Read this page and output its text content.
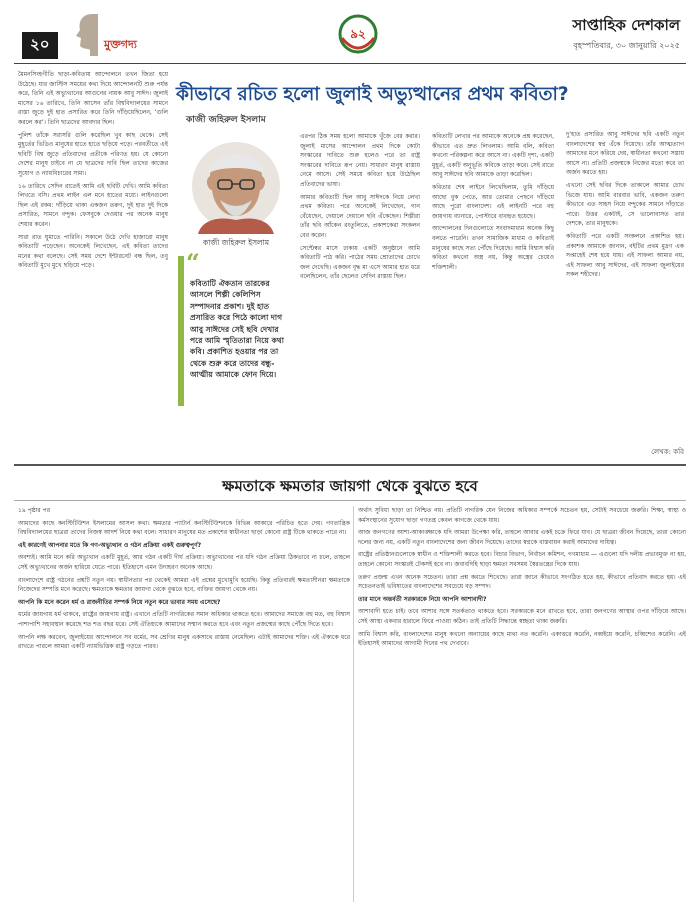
২০	মুক্তগদ্য
৯২	সাপ্তাহিক দেশকাল
বৃহস্পতিবার, ৩০ জানুয়ারি ২০২৫

মৈমনসিংহগীতি ছাড়া-কবিতায় আন্দোলনে তখন জিতা হয়ে উঠেছে। যার জাস্টিস সময়ের কথা দিয়ে আন্দোলনটি শুরু পর্যন্ত করে, তিনি এই অভ্যুত্থানের আগুনের নায়ক আবু সাঈদ। জুলাই মাসের ১৬ তারিখে, তিনি আসেন তাঁর বিশ্ববিদ্যালয়ের সামনে রাস্তা জুড়ে দুই হাত প্রসারিত করে তিনি দাঁড়িয়েছিলেন, ‘গুলি করলে কর’। তিনি ছাত্রদের আবদার ছিল।

পুলিশ তাঁকে সরাসরি গুলি করেছিল খুব কাছ থেকে। সেই মুহূর্তের ভিডিও মানুষের হাতে হাতে ছড়িয়ে পড়ে। পরবর্তীতে এই ছবিটি বিশ্ব জুড়ে প্রতিবাদের প্রতীকে পরিণত হয়। যে কোনো দেশের মানুষ চাইবে না যে ছাত্রদের দাবি ছিল তাদের কাজের সুযোগ ও ন্যায়বিচারের সাম্য।

১৬ তারিখে সেদিন রাতেই আমি এই ছবিটি দেখি। আমি কবিতা লিখতে বসি। প্রথম লাইন এল মনে হাতের মধ্যে। লাইনগুলো ছিল এই রকম: দাঁড়িয়ে থাকা একজন তরুণ, দুই হাত দুই দিকে প্রসারিত, সামনে বন্দুক। ফেসবুকে দেওয়ার পর অনেক মানুষ শেয়ার করেন।

সারা রাত ঘুমাতে পারিনি। সকালে উঠে দেখি হাজারো মানুষ কবিতাটি পড়েছেন। অনেকেই লিখেছেন, এই কবিতা তাদের মনের কথা বলেছে। সেই সময় দেশে ইন্টারনেট বন্ধ ছিল, তবু কবিতাটি মুখে মুখে ছড়িয়ে পড়ে।

কীভাবে রচিত হলো জুলাই অভ্যুত্থানের প্রথম কবিতা?
কাজী জহিরুল ইসলাম
কাজী জহিরুল ইসলাম
“
কবিতাটি ঐকতান তারকের আসলে শিল্পী কেলিপিস সম্পাদনার প্রকাশ। দুই হাত প্রসারিত করে পিঠে কালো দাগ আবু সাঈদের সেই ছবি দেখার পরে আমি স্মৃতিতারা নিয়ে কথা কবি। প্রকাশিত হওয়ার পর তা থেকে শুরু করে তাদের বন্ধু-আত্মীয় আমাকে ফোন দিয়ে।

এরপর ঠিক সময় হলো আমাকে খুঁজে বের করার। জুলাই মাসের আন্দোলন প্রথম দিকে কোটা সংস্কারের দাবিতে শুরু হলেও পরে তা রাষ্ট্র সংস্কারের দাবিতে রূপ নেয়। সাধারণ মানুষ রাস্তায় নেমে আসে। সেই সময়ে কবিতা হয়ে উঠেছিল প্রতিবাদের ভাষা।

আমার কবিতাটি ছিল আবু সাঈদকে নিয়ে লেখা প্রথম কবিতা। পরে অনেকেই লিখেছেন, গান বেঁধেছেন, দেয়ালে দেয়ালে ছবি এঁকেছেন। শিল্পীরা তাঁর ছবি আঁকেন রংতুলিতে, প্রকাশকেরা সংকলন বের করেন।

সেপ্টেম্বর মাসে ঢাকায় একটি অনুষ্ঠানে আমি কবিতাটি পাঠ করি। পাঠের সময় শ্রোতাদের চোখে জল দেখেছি। একজন বৃদ্ধ মা এসে আমার হাত ধরে বলেছিলেন, তাঁর ছেলেও সেদিন রাস্তায় ছিল।

কবিতাটি লেখার পর আমাকে অনেকে প্রশ্ন করেছেন, কীভাবে এত দ্রুত লিখলাম। আমি বলি, কবিতা কখনো পরিকল্পনা করে আসে না। একটি দৃশ্য, একটি মুহূর্ত, একটি অনুভূতি কবিকে তাড়া করে। সেই রাতে আবু সাঈদের ছবি আমাকে তাড়া করেছিল।

কবিতার শেষ লাইনে লিখেছিলাম, তুমি দাঁড়িয়ে আছো বুক পেতে, আর তোমার পেছনে দাঁড়িয়ে আছে পুরো বাংলাদেশ। এই লাইনটি পরে বহু জায়গায় ব্যানারে, পোস্টারে ব্যবহৃত হয়েছে।

আন্দোলনের দিনগুলোতে সংবাদমাধ্যম অনেক কিছু বলতে পারেনি। তখন সামাজিক মাধ্যম ও কবিতাই মানুষের কাছে সত্য পৌঁছে দিয়েছে। আমি বিশ্বাস করি কবিতা কখনো অস্ত্র নয়, কিন্তু অস্ত্রের চেয়েও শক্তিশালী।

দু’হাত প্রসারিত আবু সাঈদের ছবি একটি নতুন বাংলাদেশের স্বপ্ন এঁকে দিয়েছে। তাঁর আত্মত্যাগ আমাদের মনে করিয়ে দেয়, স্বাধীনতা কখনো সস্তায় আসে না। প্রতিটি প্রজন্মকে নিজের মতো করে তা অর্জন করতে হয়।

এখনো সেই ছবির দিকে তাকালে আমার চোখ ভিজে যায়। আমি বারবার ভাবি, একজন তরুণ কীভাবে এত সাহস নিয়ে বন্দুকের সামনে দাঁড়াতে পারে। উত্তর একটাই, সে ভালোবাসত তার দেশকে, তার মানুষকে।

কবিতাটি পরে একটি সংকলনে প্রকাশিত হয়। প্রকাশক আমাকে জানান, বইটির প্রথম মুদ্রণ এক সপ্তাহেই শেষ হয়ে যায়। এই সাফল্য আমার নয়, এই সাফল্য আবু সাঈদের, এই সাফল্য জুলাইয়ের সকল শহীদের।

লেখক: কবি
ক্ষমতাকে ক্ষমতার জায়গা থেকে বুঝতে হবে

১৯ পৃষ্ঠার পর

আমাদের কাছে কনস্টিটিউশন ইসলামের আসল কথা। ক্ষমতার প্যাটার্ন কনস্টিটিউশনকে বিভিন্ন আকারে পরিচিত হতে দেয়। গণতান্ত্রিক বিশ্ববিদ্যালয়ের ছাত্ররা তাদের নিজস্ব আদর্শ নিয়ে কথা বলে। সাধারণ মানুষের মত প্রকাশের স্বাধীনতা ছাড়া কোনো রাষ্ট্র টিকে থাকতে পারে না।

এই কারণেই আপনার মতে কি গণ-অভ্যুত্থান ও গঠন প্রক্রিয়া একই গুরুত্বপূর্ণ?

অবশ্যই। আমি মনে করি অভ্যুত্থান একটি মুহূর্ত, আর গঠন একটি দীর্ঘ প্রক্রিয়া। অভ্যুত্থানের পর যদি গঠন প্রক্রিয়া ঠিকভাবে না চলে, তাহলে সেই অভ্যুত্থানের অর্জন হারিয়ে যেতে পারে। ইতিহাসে এমন উদাহরণ অনেক আছে।

বাংলাদেশে রাষ্ট্র গঠনের প্রশ্নটি নতুন নয়। স্বাধীনতার পর থেকেই আমরা এই প্রশ্নের মুখোমুখি হয়েছি। কিন্তু প্রতিবারই ক্ষমতাসীনরা ক্ষমতাকে নিজেদের সম্পত্তি মনে করেছে। ক্ষমতাকে ক্ষমতার জায়গা থেকে বুঝতে হবে, ব্যক্তির জায়গা থেকে নয়।

আপনি কি মনে করেন ধর্ম ও রাজনীতির সম্পর্ক নিয়ে নতুন করে ভাবার সময় এসেছে?

ধর্মের জায়গায় ধর্ম থাকবে, রাষ্ট্রের জায়গায় রাষ্ট্র। এখানে প্রতিটি নাগরিকের সমান অধিকার থাকতে হবে। আমাদের সমাজে বহু মত, বহু বিশ্বাস পাশাপাশি সহাবস্থান করেছে শত শত বছর ধরে। সেই ঐতিহ্যকে আমাদের সম্মান করতে হবে এবং নতুন প্রজন্মের কাছে পৌঁছে দিতে হবে।

আপনি লক্ষ করবেন, জুলাইয়ের আন্দোলনে সব ধর্মের, সব শ্রেণির মানুষ একসাথে রাস্তায় নেমেছিল। এটাই আমাদের শক্তি। এই ঐক্যকে ধরে রাখতে পারলে আমরা একটি ন্যায়ভিত্তিক রাষ্ট্র গড়তে পারব।

অর্থাৎ সুবিধা ছাড়া তা নিশ্চিত নয়। প্রতিটি নাগরিক যেন নিজের অধিকার সম্পর্কে সচেতন হয়, সেটাই সবচেয়ে জরুরি। শিক্ষা, স্বাস্থ্য ও কর্মসংস্থানের সুযোগ ছাড়া গণতন্ত্র কেবল কাগজে থেকে যায়।

আজ জনগণের আশা-আকাঙ্ক্ষাকে যদি আমরা উপেক্ষা করি, তাহলে আবার একই চক্রে ফিরে যাব। যে ছাত্ররা জীবন দিয়েছে, তারা কোনো দলের জন্য নয়, একটি নতুন বাংলাদেশের জন্য জীবন দিয়েছে। তাদের স্বপ্নকে বাস্তবায়ন করাই আমাদের দায়িত্ব।

রাষ্ট্রের প্রতিষ্ঠানগুলোকে স্বাধীন ও শক্তিশালী করতে হবে। বিচার বিভাগ, নির্বাচন কমিশন, গণমাধ্যম — এগুলো যদি দলীয় প্রভাবমুক্ত না হয়, তাহলে কোনো সংস্কারই টেকসই হবে না। জবাবদিহি ছাড়া ক্ষমতা সবসময় স্বৈরতন্ত্রের দিকে যায়।

তরুণ প্রজন্ম এখন অনেক সচেতন। তারা প্রশ্ন করতে শিখেছে। তারা জানে কীভাবে সংগঠিত হতে হয়, কীভাবে প্রতিবাদ করতে হয়। এই সচেতনতাই ভবিষ্যতের বাংলাদেশের সবচেয়ে বড় সম্পদ।

তার মানে অন্তর্বর্তী সরকারকে নিয়ে আপনি আশাবাদী?

আশাবাদী হতে চাই। তবে আশার সঙ্গে সতর্কতাও থাকতে হবে। সরকারকে মনে রাখতে হবে, তারা জনগণের আস্থার ওপর দাঁড়িয়ে আছে। সেই আস্থা একবার হারালে ফিরে পাওয়া কঠিন। তাই প্রতিটি সিদ্ধান্তে স্বচ্ছতা থাকা জরুরি।

আমি বিশ্বাস করি, বাংলাদেশের মানুষ কখনো অন্যায়ের কাছে মাথা নত করেনি। একাত্তরে করেনি, নব্বইয়ে করেনি, চব্বিশেও করেনি। এই ইতিহাসই আমাদের আগামী দিনের পথ দেখাবে।
